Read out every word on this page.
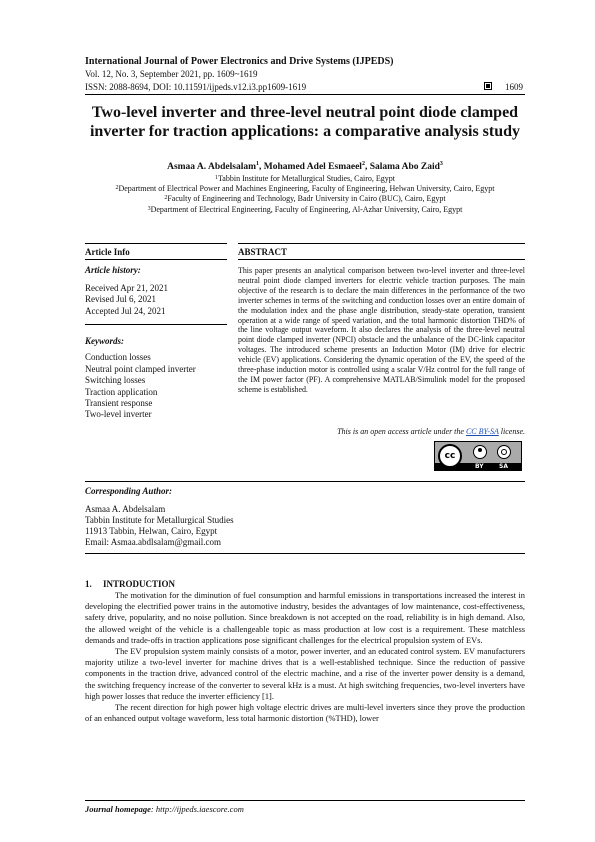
International Journal of Power Electronics and Drive Systems (IJPEDS)
Vol. 12, No. 3, September 2021, pp. 1609~1619
ISSN: 2088-8694, DOI: 10.11591/ijpeds.v12.i3.pp1609-1619	1609
Two-level inverter and three-level neutral point diode clamped inverter for traction applications: a comparative analysis study
Asmaa A. Abdelsalam$^1$, Mohamed Adel Esmaeel$^2$, Salama Abo Zaid$^3$
$^1$Tabbin Institute for Metallurgical Studies, Cairo, Egypt
$^2$Department of Electrical Power and Machines Engineering, Faculty of Engineering, Helwan University, Cairo, Egypt
$^2$Faculty of Engineering and Technology, Badr University in Cairo (BUC), Cairo, Egypt
$^3$Department of Electrical Engineering, Faculty of Engineering, Al-Azhar University, Cairo, Egypt
Article Info	ABSTRACT
Article history:
Received Apr 21, 2021
Revised Jul 6, 2021
Accepted Jul 24, 2021
Keywords:
Conduction losses
Neutral point clamped inverter
Switching losses
Traction application
Transient response
Two-level inverter
This paper presents an analytical comparison between two-level inverter and three-level neutral point diode clamped inverters for electric vehicle traction purposes. The main objective of the research is to declare the main differences in the performance of the two inverter schemes in terms of the switching and conduction losses over an entire domain of the modulation index and the phase angle distribution, steady-state operation, transient operation at a wide range of speed variation, and the total harmonic distortion THD% of the line voltage output waveform. It also declares the analysis of the three-level neutral point diode clamped inverter (NPCI) obstacle and the unbalance of the DC-link capacitor voltages. The introduced scheme presents an Induction Motor (IM) drive for electric vehicle (EV) applications. Considering the dynamic operation of the EV, the speed of the three-phase induction motor is controlled using a scalar V/Hz control for the full range of the IM power factor (PF). A comprehensive MATLAB/Simulink model for the proposed scheme is established.
This is an open access article under the CC BY-SA license.
cc
BY	SA
Corresponding Author:
Asmaa A. Abdelsalam
Tabbin Institute for Metallurgical Studies
11913 Tabbin, Helwan, Cairo, Egypt
Email: Asmaa.abdlsalam@gmail.com
1.     INTRODUCTION

The motivation for the diminution of fuel consumption and harmful emissions in transportations increased the interest in developing the electrified power trains in the automotive industry, besides the advantages of low maintenance, cost-effectiveness, safety drive, popularity, and no noise pollution. Since breakdown is not accepted on the road, reliability is in high demand. Also, the allowed weight of the vehicle is a challengeable topic as mass production at low cost is a requirement. These matchless demands and trade-offs in traction applications pose significant challenges for the electrical propulsion system of EVs.

The EV propulsion system mainly consists of a motor, power inverter, and an educated control system. EV manufacturers majority utilize a two-level inverter for machine drives that is a well-established technique. Since the reduction of passive components in the traction drive, advanced control of the electric machine, and a rise of the inverter power density is a demand, the switching frequency increase of the converter to several kHz is a must. At high switching frequencies, two-level inverters have high power losses that reduce the inverter efficiency [1].

The recent direction for high power high voltage electric drives are multi-level inverters since they prove the production of an enhanced output voltage waveform, less total harmonic distortion (%THD), lower

Journal homepage: http://ijpeds.iaescore.com
